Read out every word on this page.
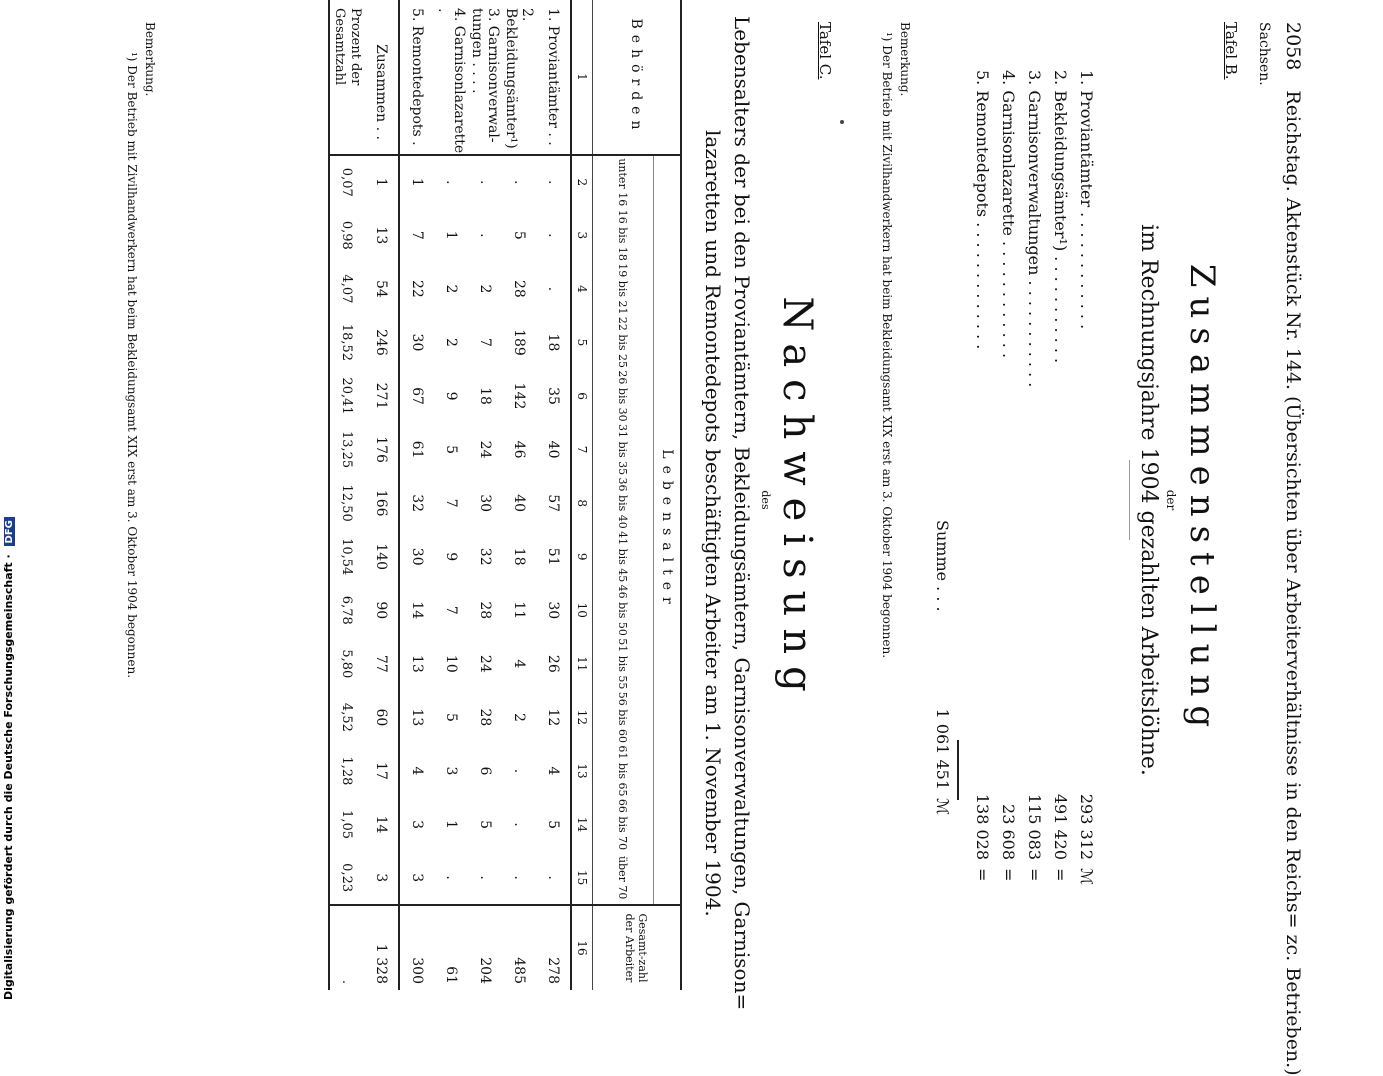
2058 Reichstag. Aktenstück Nr. 144. (Übersichten über Arbeiterverhältnisse in den Reichs= zc. Betrieben.)
Sachsen.
Tafel B.
Zusammenstellung
der
im Rechnungsjahre 1904 gezahlten Arbeitslöhne.
1. Proviantämter . . . . . . . . . . . .
293 312
ℳ
2. Bekleidungsämter¹) . . . . . . . . . . .
491 420
=
3. Garnisonverwaltungen . . . . . . . . . . .
115 083
=
4. Garnisonlazarette . . . . . . . . . . . .
23 608
=
5. Remontedepots . . . . . . . . . . . . .
138 028
=
Summe . . .
1 061 451
ℳ
Bemerkung.
¹) Der Betrieb mit Zivilhandwerkern hat beim Bekleidungsamt XIX erst am 3. Oktober 1904 begonnen.
Tafel C.
Nachweisung
des
Lebensalters der bei den Proviantämtern, Bekleidungsämtern, Garnisonverwaltungen, Garnison=
lazaretten und Remontedepots beschäftigten Arbeiter am 1. November 1904.
Behörden	Lebensalter														Gesamt-zahl der Arbeiter
	unter 16	16 bis 18	19 bis 21	22 bis 25	26 bis 30	31 bis 35	36 bis 40	41 bis 45	46 bis 50	51 bis 55	56 bis 60	61 bis 65	66 bis 70	über 70	
1	2	3	4	5	6	7	8	9	10	11	12	13	14	15	16
1. Proviantämter . .	.	.	.	18	35	40	57	51	30	26	12	4	5	.	278
2. Bekleidungsämter¹)	.	5	28	189	142	46	40	18	11	4	2	.	.	.	485
3. Garnisonverwal-tungen . . . .	.	.	2	7	18	24	30	32	28	24	28	6	5	.	204
4. Garnisonlazarette .	.	1	2	2	9	5	7	9	7	10	5	3	1	.	61
5. Remontedepots .	1	7	22	30	67	61	32	30	14	13	13	4	3	3	300
Zusammen . .	1	13	54	246	271	176	166	140	90	77	60	17	14	3	1 328
Prozent der Gesamtzahl	0,07	0,98	4,07	18,52	20,41	13,25	12,50	10,54	6,78	5,80	4,52	1,28	1,05	0,23	.
Bemerkung.
¹) Der Betrieb mit Zivilhandwerkern hat beim Bekleidungsamt XIX erst am 3. Oktober 1904 begonnen.
Digitalisierung gefördert durch die Deutsche Forschungsgemeinschaft · DFG
